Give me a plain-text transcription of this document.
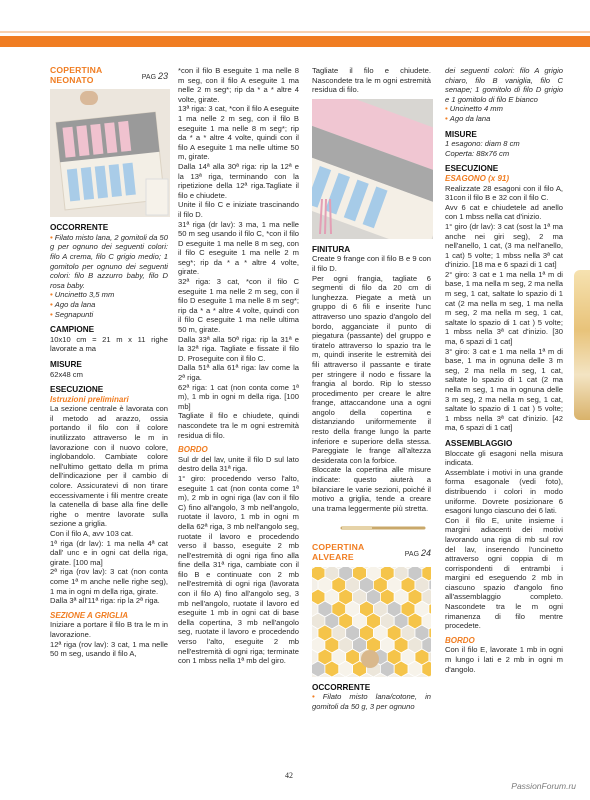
PAG 23
COPERTINA NEONATO
OCCORRENTE

• Filato misto lana, 2 gomitoli da 50 g per ognuno dei seguenti colori: filo A crema, filo C grigio medio; 1 gomitolo per ognuno dei seguenti colori: filo B azzurro baby, filo D rosa baby.

• Uncinetto 3,5 mm

• Ago da lana

• Segnapunti

CAMPIONE

10x10 cm = 21 m x 11 righe lavorate a ma

MISURE

62x48 cm

ESECUZIONE
Istruzioni preliminari

La sezione centrale è lavorata con il metodo ad arazzo, ossia portando il filo con il colore inutilizzato attraverso le m in lavorazione con il nuovo colore, inglobandolo. Cambiate colore nell'ultimo gettato della m prima dell'indicazione per il cambio di colore. Assicuratevi di non tirare eccessivamente i fili mentre create la catenella di base alla fine delle righe o mentre lavorate sulla sezione a griglia.

Con il filo A, avv 103 cat.

1ª riga (dr lav): 1 ma nella 4ª cat dall' unc e in ogni cat della riga, girate. [100 ma]

2ª riga (rov lav): 3 cat (non conta come 1ª m anche nelle righe seg), 1 ma in ogni m della riga, girate.

Dalla 3ª all'11ª riga: rip la 2ª riga.

SEZIONE A GRIGLIA

Iniziare a portare il filo B tra le m in lavorazione.

12ª riga (rov lav): 3 cat, 1 ma nelle 50 m seg, usando il filo A,

*con il filo B eseguite 1 ma nelle 8 m seg, con il filo A eseguite 1 ma nelle 2 m seg*; rip da * a * altre 4 volte, girate.

13ª riga: 3 cat, *con il filo A eseguite 1 ma nelle 2 m seg, con il filo B eseguite 1 ma nelle 8 m seg*; rip da * a * altre 4 volte, quindi con il filo A eseguite 1 ma nelle ultime 50 m, girate.

Dalla 14ª alla 30ª riga: rip la 12ª e la 13ª riga, terminando con la ripetizione della 12ª riga.Tagliate il filo e chiudete.

Unite il filo C e iniziate trascinando il filo D.

31ª riga (dr lav): 3 ma, 1 ma nelle 50 m seg usando il filo C, *con il filo D eseguite 1 ma nelle 8 m seg, con il filo C eseguite 1 ma nelle 2 m seg*; rip da * a * altre 4 volte, girate.

32ª riga: 3 cat, *con il filo C eseguite 1 ma nelle 2 m seg, con il filo D eseguite 1 ma nelle 8 m seg*; rip da * a * altre 4 volte, quindi con il filo C eseguite 1 ma nelle ultima 50 m, girate.

Dalla 33ª alla 50ª riga: rip la 31ª e la 32ª riga. Tagliate e fissate il filo D. Proseguite con il filo C.

Dalla 51ª alla 61ª riga: lav come la 2ª riga.

62ª riga: 1 cat (non conta come 1ª m), 1 mb in ogni m della riga. [100 mb]

Tagliate il filo e chiudete, quindi nascondete tra le m ogni estremità residua di filo.

BORDO

Sul dr del lav, unite il filo D sul lato destro della 31ª riga.

1° giro: procedendo verso l'alto, eseguite 1 cat (non conta come 1ª m), 2 mb in ogni riga (lav con il filo C) fino all'angolo, 3 mb nell'angolo, ruotate il lavoro, 1 mb in ogni m della 62ª riga, 3 mb nell'angolo seg, ruotate il lavoro e procedendo verso il basso, eseguite 2 mb nell'estremità di ogni riga fino alla fine della 31ª riga, cambiate con il filo B e continuate con 2 mb nell'estremità di ogni riga (lavorata con il filo A) fino all'angolo seg, 3 mb nell'angolo, ruotate il lavoro ed eseguite 1 mb in ogni cat di base della copertina, 3 mb nell'angolo seg, ruotate il lavoro e procedendo verso l'alto, eseguite 2 mb nell'estremità di ogni riga; terminate con 1 mbss nella 1ª mb del giro.

Tagliate il filo e chiudete. Nascondete tra le m ogni estremità residua di filo.

FINITURA

Create 9 frange con il filo B e 9 con il filo D.

Per ogni frangia, tagliate 6 segmenti di filo da 20 cm di lunghezza. Piegate a metà un gruppo di 6 fili e inserite l'unc attraverso uno spazio d'angolo del bordo, agganciate il punto di piegatura (passante) del gruppo e tiratelo attraverso lo spazio tra le m, quindi inserite le estremità dei fili attraverso il passante e tirate per stringere il nodo e fissare la frangia al bordo. Rip lo stesso procedimento per creare le altre frange, attaccandone una a ogni angolo della copertina e distanziando uniformemente il resto della frange lungo la parte inferiore e superiore della stessa. Pareggiate le frange all'altezza desiderata con la forbice.

Bloccate la copertina alle misure indicate: questo aiuterà a bilanciare le varie sezioni, poiché il motivo a griglia, tende a creare una trama leggermente più stretta.

PAG 24
COPERTINA ALVEARE
OCCORRENTE

• Filato misto lana/cotone, in gomitoli da 50 g, 3 per ognuno

dei seguenti colori: filo A grigio chiaro, filo B vaniglia, filo C senape; 1 gomitolo di filo D grigio e 1 gomitolo di filo E bianco

• Uncinetto 4 mm

• Ago da lana

MISURE

1 esagono: diam 8 cm

Coperta: 88x76 cm

ESECUZIONE
ESAGONO (x 91)

Realizzate 28 esagoni con il filo A, 31con il filo B e 32 con il filo C.

Avv 6 cat e chiudetele ad anello con 1 mbss nella cat d'inizio.

1° giro (dr lav): 3 cat (sost la 1ª ma anche nei giri seg), 2 ma nell'anello, 1 cat, (3 ma nell'anello, 1 cat) 5 volte; 1 mbss nella 3ª cat d'inizio. [18 ma e 6 spazi di 1 cat]

2° giro: 3 cat e 1 ma nella 1ª m di base, 1 ma nella m seg, 2 ma nella m seg, 1 cat, saltate lo spazio di 1 cat (2 ma nella m seg, 1 ma nella m seg, 2 ma nella m seg, 1 cat, saltate lo spazio di 1 cat ) 5 volte; 1 mbss nella 3ª cat d'inizio. [30 ma, 6 spazi di 1 cat]

3° giro: 3 cat e 1 ma nella 1ª m di base, 1 ma in ognuna delle 3 m seg, 2 ma nella m seg, 1 cat, saltate lo spazio di 1 cat (2 ma nella m seg, 1 ma in ognuna delle 3 m seg, 2 ma nella m seg, 1 cat, saltate lo spazio di 1 cat ) 5 volte; 1 mbss nella 3ª cat d'inizio. [42 ma, 6 spazi di 1 cat]

ASSEMBLAGGIO

Bloccate gli esagoni nella misura indicata.

Assemblate i motivi in una grande forma esagonale (vedi foto), distribuendo i colori in modo uniforme. Dovrete posizionare 6 esagoni lungo ciascuno dei 6 lati.

Con il filo E, unite insieme i margini adiacenti dei motivi lavorando una riga di mb sul rov del lav, inserendo l'uncinetto attraverso ogni coppia di m corrispondenti di entrambi i margini ed eseguendo 2 mb in ciascuno spazio d'angolo fino all'assemblaggio completo. Nascondete tra le m ogni rimanenza di filo mentre procedete.

BORDO

Con il filo E, lavorate 1 mb in ogni m lungo i lati e 2 mb in ogni m d'angolo.

42
PassionForum.ru
